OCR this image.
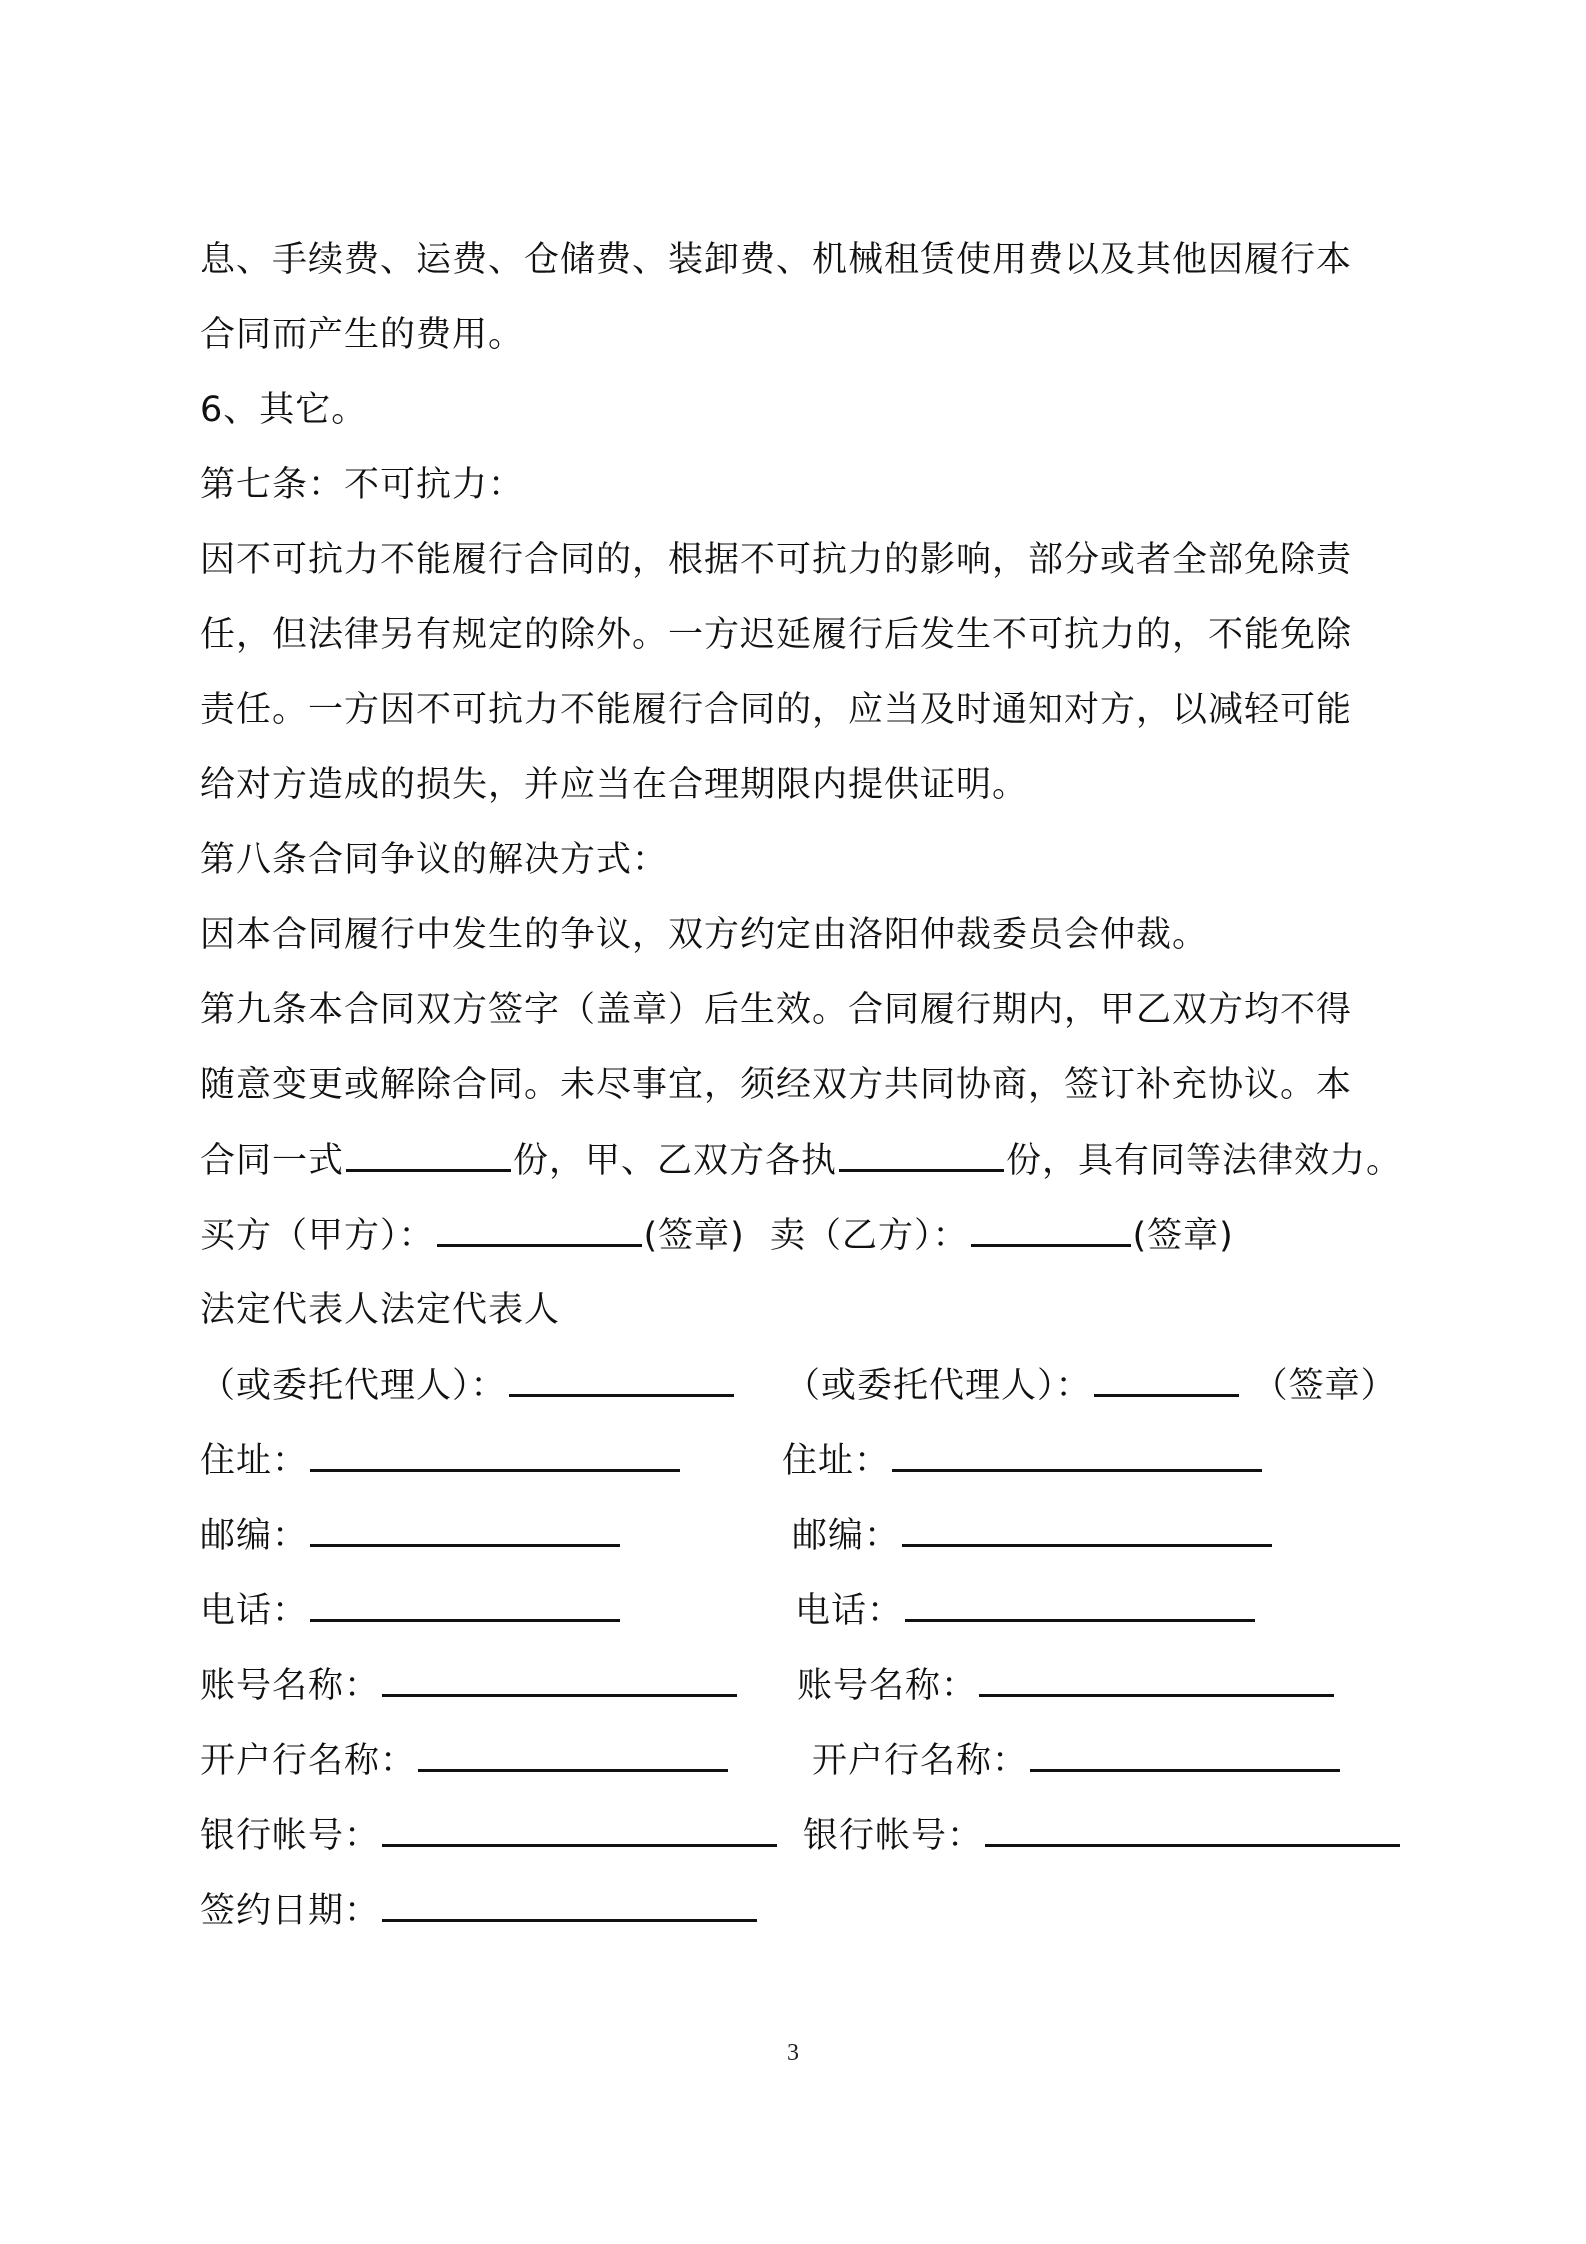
息、手续费、运费、仓储费、装卸费、机械租赁使用费以及其他因履行本
合同而产生的费用。
6、其它。
第七条：不可抗力：
因不可抗力不能履行合同的，根据不可抗力的影响，部分或者全部免除责
任，但法律另有规定的除外。一方迟延履行后发生不可抗力的，不能免除
责任。一方因不可抗力不能履行合同的，应当及时通知对方，以减轻可能
给对方造成的损失，并应当在合理期限内提供证明。
第八条合同争议的解决方式：
因本合同履行中发生的争议，双方约定由洛阳仲裁委员会仲裁。
第九条本合同双方签字（盖章）后生效。合同履行期内，甲乙双方均不得
随意变更或解除合同。未尽事宜，须经双方共同协商，签订补充协议。本
合同一式	份，甲、乙双方各执	份，具有同等法律效力。
买方（甲方）：	(签章) 卖（乙方）：	(签章)
法定代表人法定代表人
（或委托代理人）：	（或委托代理人）：	（签章）
住址：	住址：
邮编：	邮编：
电话：	电话：
账号名称：	账号名称：
开户行名称：	开户行名称：
银行帐号：	银行帐号：
签约日期：
3
